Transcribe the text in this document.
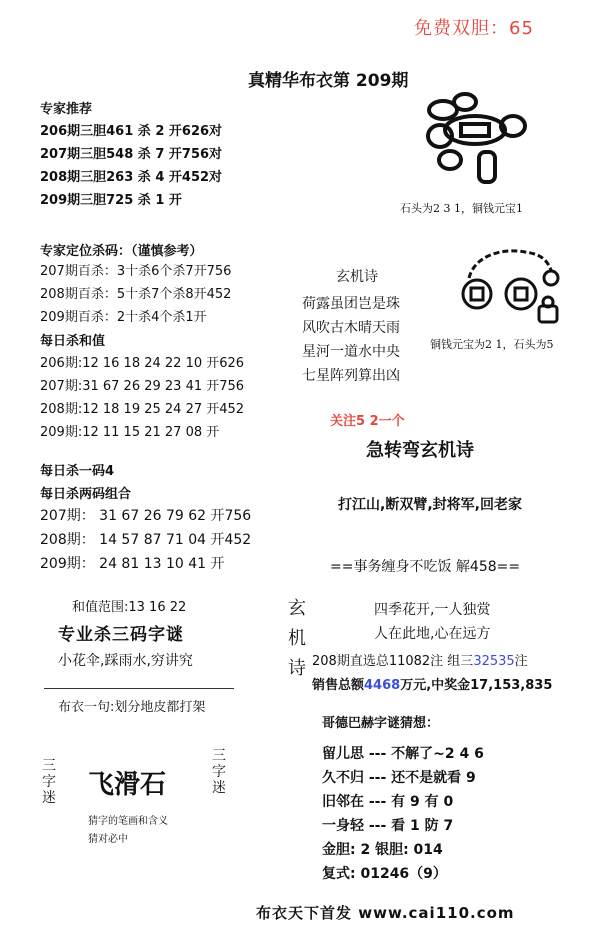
免费双胆：65
真精华布衣第 209期
专家推荐
206期三胆461 杀 2 开626对
207期三胆548 杀 7 开756对
208期三胆263 杀 4 开452对
209期三胆725 杀 1 开
专家定位杀码：（谨慎参考）
207期百杀：3十杀6个杀7开756
208期百杀：5十杀7个杀8开452
209期百杀：2十杀4个杀1开
每日杀和值
206期:12 16 18 24 22 10 开626
207期:31 67 26 29 23 41 开756
208期:12 18 19 25 24 27 开452
209期:12 11 15 21 27 08 开
每日杀一码4
每日杀两码组合
207期： 31 67 26 79 62 开756
208期： 14 57 87 71 04 开452
209期： 24 81 13 10 41 开
和值范围:13 16 22
专业杀三码字谜
小花伞,踩雨水,穷讲究
布衣一句:划分地皮都打架
三字迷 飞滑石
三字迷
猜字的笔画和含义
猜对必中
石头为2 3 1，铜钱元宝1
铜钱元宝为2 1，石头为5
玄机诗
荷露虽团岂是珠
风吹古木晴天雨
星河一道水中央
七星阵列算出凶
关注5 2一个
急转弯玄机诗
打江山,断双臂,封将军,回老家
==事务缠身不吃饭 解458==
玄
机
诗
四季花开,一人独赏
人在此地,心在远方
208期直选总11082注 组三32535注
销售总额4468万元,中奖金17,153,835
哥德巴赫字谜猜想：
留儿思 --- 不解了~2 4 6
久不归 --- 还不是就看 9
旧邻在 --- 有 9 有 0
一身轻 --- 看 1 防 7
金胆: 2 银胆: 014
复式: 01246（9）
布衣天下首发 www.cai110.com
